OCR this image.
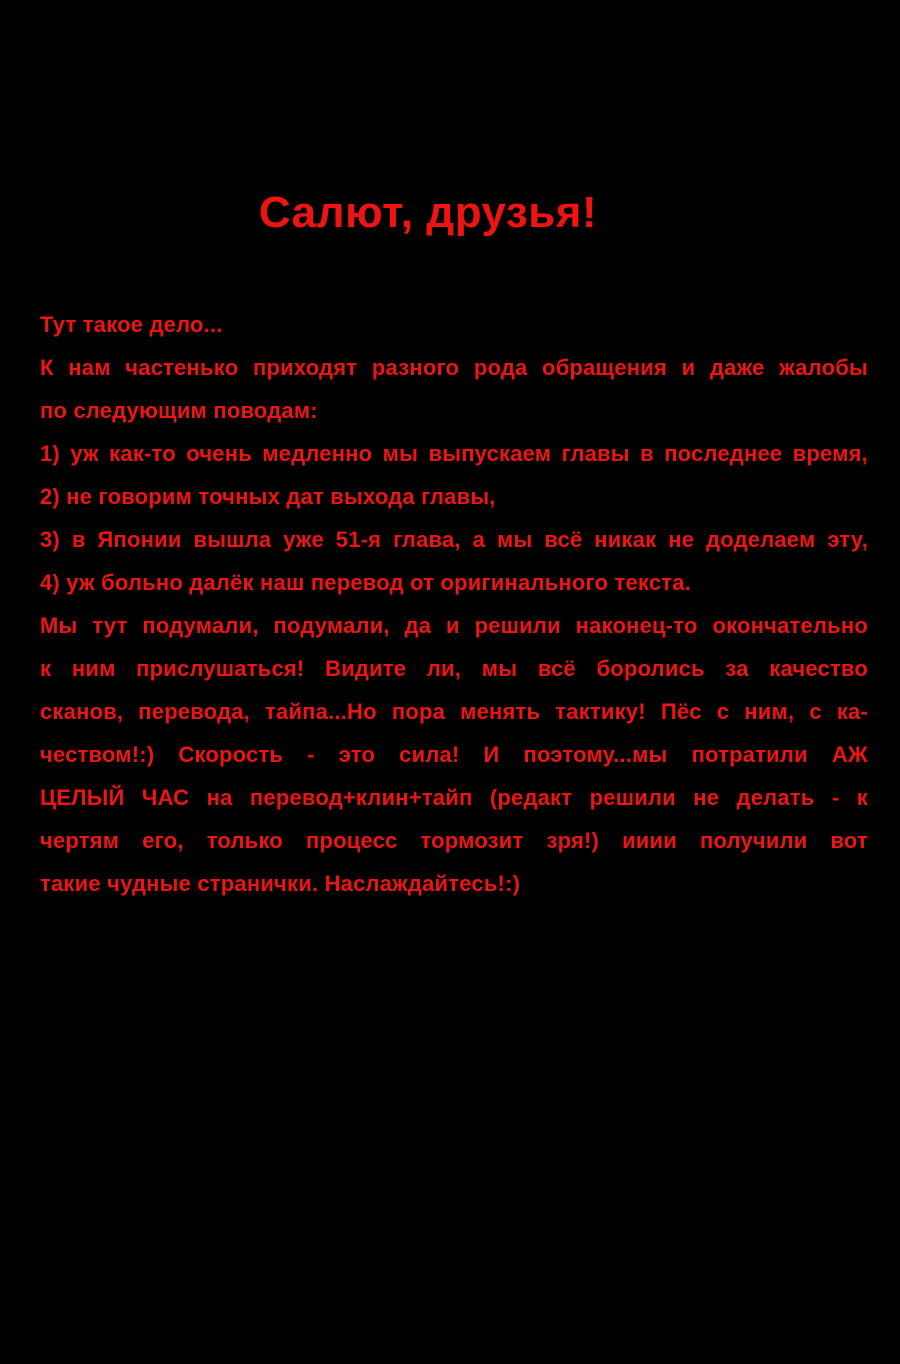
Салют, друзья!
Тут такое дело...
К нам частенько приходят разного рода обращения и даже жалобы
по следующим поводам:
1) уж как-то очень медленно мы выпускаем главы в последнее время,
2) не говорим точных дат выхода главы,
3) в Японии вышла уже 51-я глава, а мы всё никак не доделаем эту,
4) уж больно далёк наш перевод от оригинального текста.
Мы тут подумали, подумали, да и решили наконец-то окончательно
к ним прислушаться! Видите ли, мы всё боролись за качество
сканов, перевода, тайпа...Но пора менять тактику! Пёс с ним, с ка-
чеством!:) Скорость - это сила! И поэтому...мы потратили АЖ
ЦЕЛЫЙ ЧАС на перевод+клин+тайп (редакт решили не делать - к
чертям его, только процесс тормозит зря!) ииии получили вот
такие чудные странички. Наслаждайтесь!:)
